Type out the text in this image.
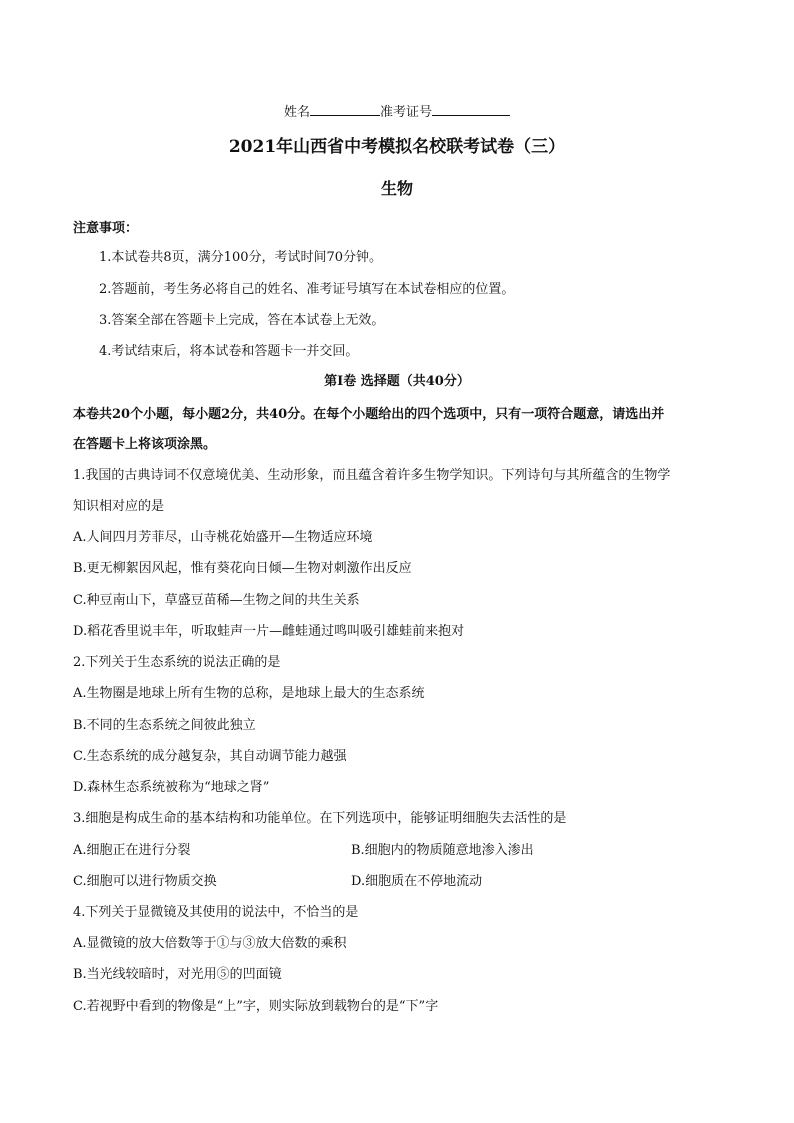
姓名	准考证号
2021年山西省中考模拟名校联考试卷（三）
生物
注意事项：
1.本试卷共8页，满分100分，考试时间70分钟。
2.答题前，考生务必将自己的姓名、准考证号填写在本试卷相应的位置。
3.答案全部在答题卡上完成，答在本试卷上无效。
4.考试结束后，将本试卷和答题卡一并交回。
第Ⅰ卷 选择题（共40分）
本卷共20个小题，每小题2分，共40分。在每个小题给出的四个选项中，只有一项符合题意，请选出并
在答题卡上将该项涂黑。
1.我国的古典诗词不仅意境优美、生动形象，而且蕴含着许多生物学知识。下列诗句与其所蕴含的生物学
知识相对应的是
A.人间四月芳菲尽，山寺桃花始盛开—生物适应环境
B.更无柳絮因风起，惟有葵花向日倾—生物对刺激作出反应
C.种豆南山下，草盛豆苗稀—生物之间的共生关系
D.稻花香里说丰年，听取蛙声一片—雌蛙通过鸣叫吸引雄蛙前来抱对
2.下列关于生态系统的说法正确的是
A.生物圈是地球上所有生物的总称，是地球上最大的生态系统
B.不同的生态系统之间彼此独立
C.生态系统的成分越复杂，其自动调节能力越强
D.森林生态系统被称为“地球之肾”
3.细胞是构成生命的基本结构和功能单位。在下列选项中，能够证明细胞失去活性的是
A.细胞正在进行分裂	B.细胞内的物质随意地渗入渗出
C.细胞可以进行物质交换	D.细胞质在不停地流动
4.下列关于显微镜及其使用的说法中，不恰当的是
A.显微镜的放大倍数等于①与③放大倍数的乘积
B.当光线较暗时，对光用⑤的凹面镜
C.若视野中看到的物像是“上”字，则实际放到载物台的是“下”字
